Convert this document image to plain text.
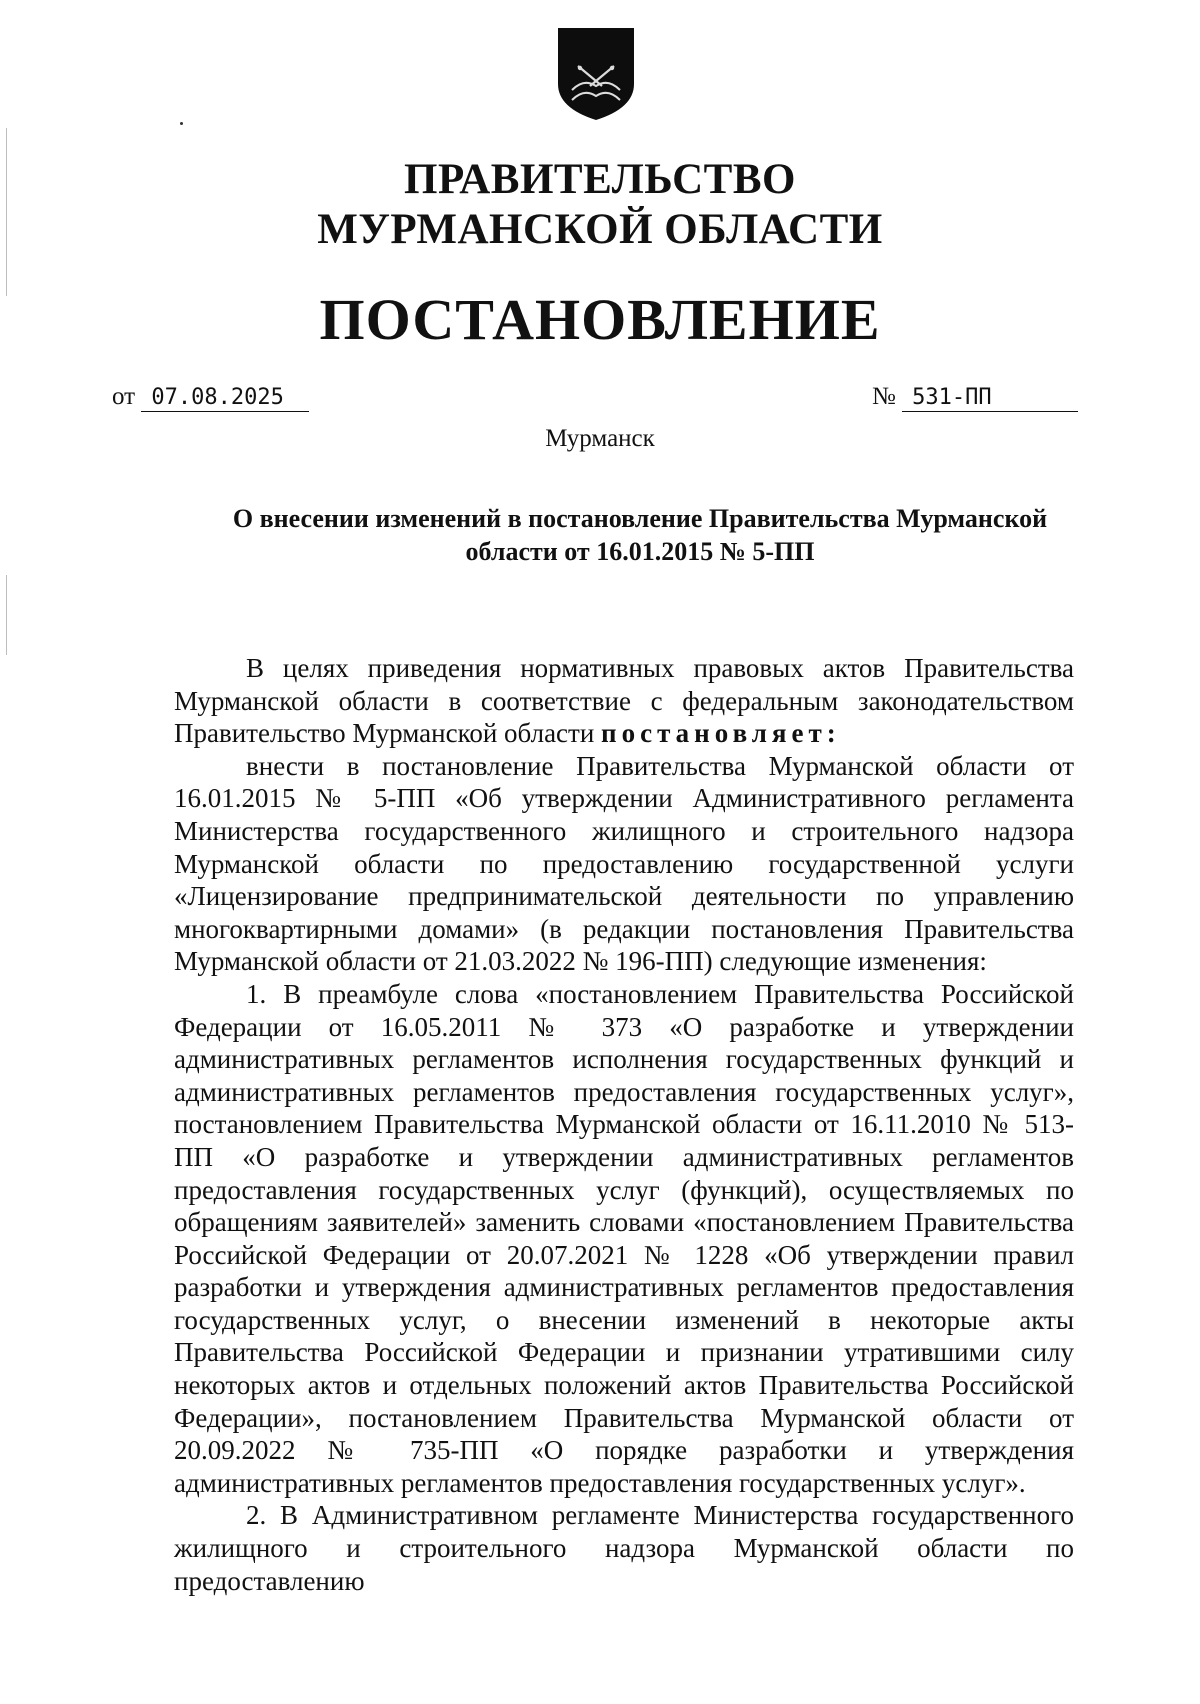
ПРАВИТЕЛЬСТВО
МУРМАНСКОЙ ОБЛАСТИ
ПОСТАНОВЛЕНИЕ
от 07.08.2025	№ 531-ПП
Мурманск
О внесении изменений в постановление Правительства Мурманской области от 16.01.2015 № 5-ПП

В целях приведения нормативных правовых актов Правительства Мурманской области в соответствие с федеральным законодательством Правительство Мурманской области постановляет:

внести в постановление Правительства Мурманской области от 16.01.2015 № 5-ПП «Об утверждении Административного регламента Министерства государственного жилищного и строительного надзора Мурманской области по предоставлению государственной услуги «Лицензирование предпринимательской деятельности по управлению многоквартирными домами» (в редакции постановления Правительства Мурманской области от 21.03.2022 № 196-ПП) следующие изменения:

1. В преамбуле слова «постановлением Правительства Российской Федерации от 16.05.2011 № 373 «О разработке и утверждении административных регламентов исполнения государственных функций и административных регламентов предоставления государственных услуг», постановлением Правительства Мурманской области от 16.11.2010 № 513-ПП «О разработке и утверждении административных регламентов предоставления государственных услуг (функций), осуществляемых по обращениям заявителей» заменить словами «постановлением Правительства Российской Федерации от 20.07.2021 № 1228 «Об утверждении правил разработки и утверждения административных регламентов предоставления государственных услуг, о внесении изменений в некоторые акты Правительства Российской Федерации и признании утратившими силу некоторых актов и отдельных положений актов Правительства Российской Федерации», постановлением Правительства Мурманской области от 20.09.2022 № 735-ПП «О порядке разработки и утверждения административных регламентов предоставления государственных услуг».

2. В Административном регламенте Министерства государственного жилищного и строительного надзора Мурманской области по предоставлению
